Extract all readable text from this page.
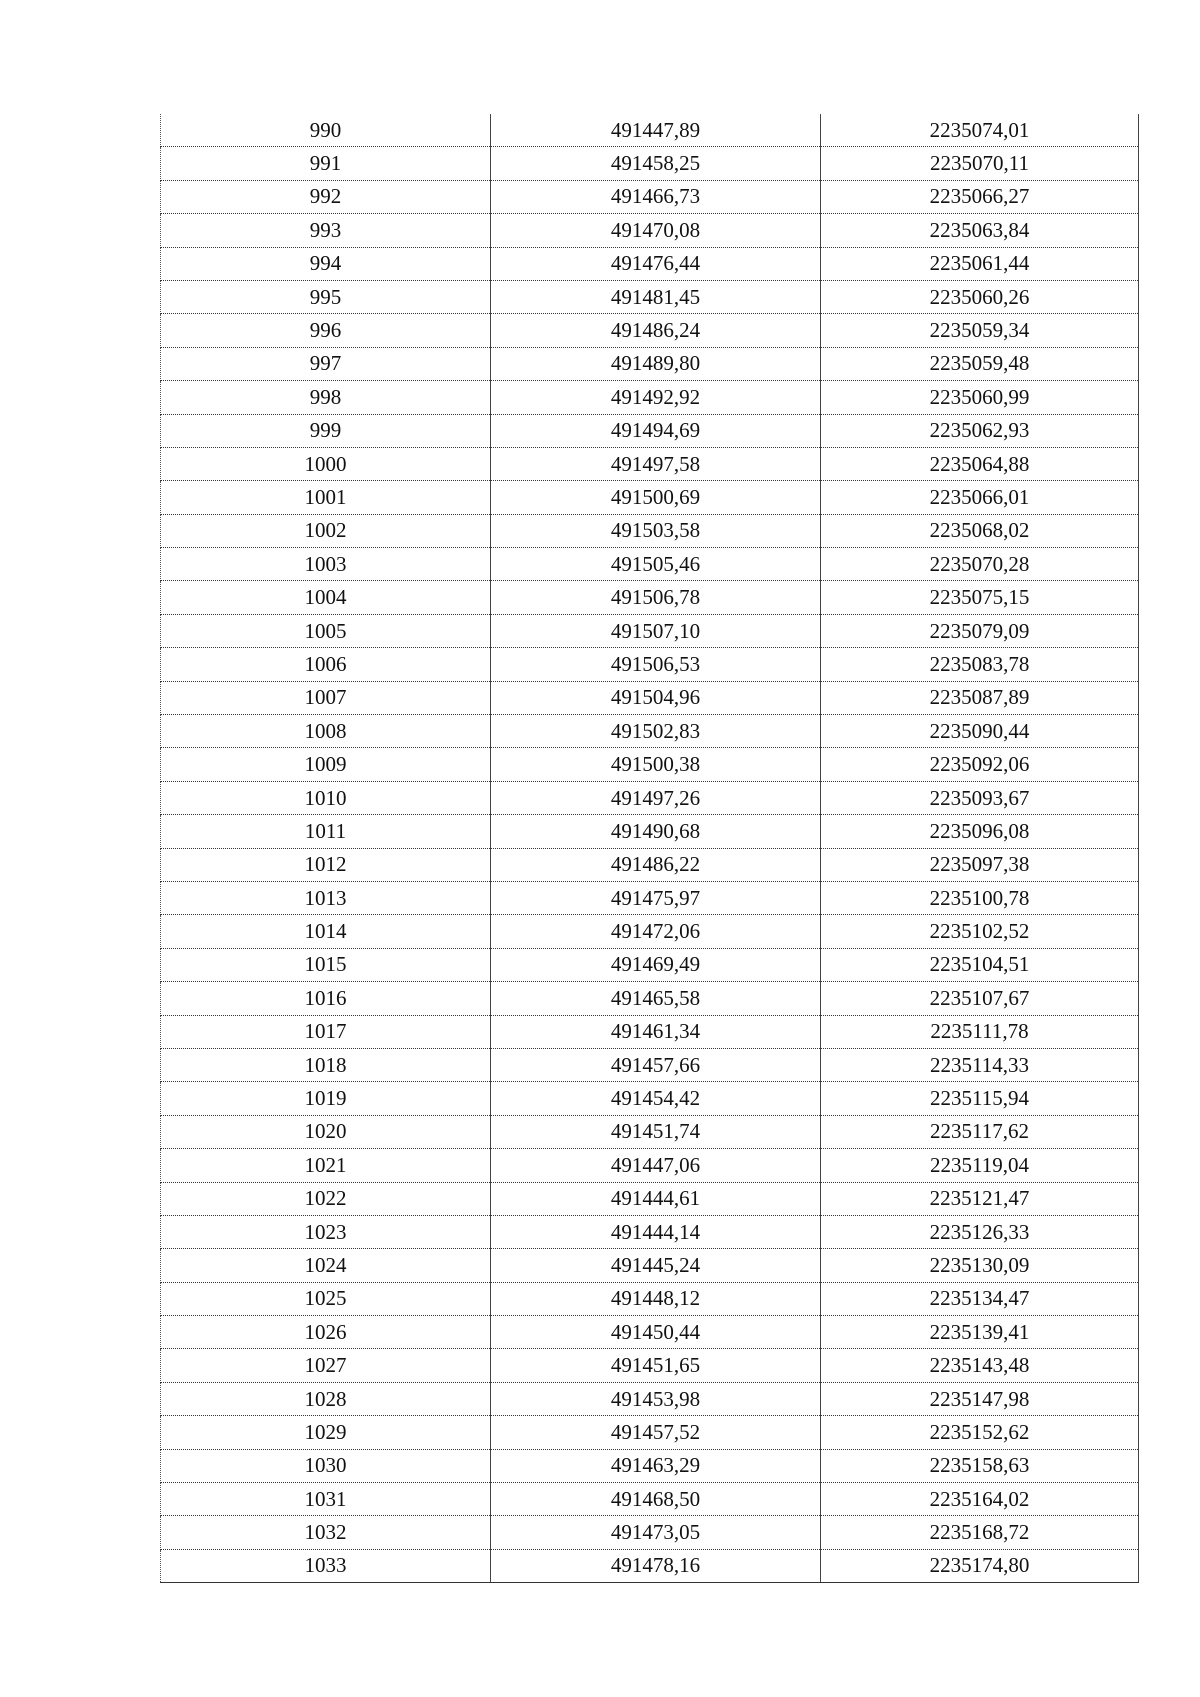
990	491447,89	2235074,01
991	491458,25	2235070,11
992	491466,73	2235066,27
993	491470,08	2235063,84
994	491476,44	2235061,44
995	491481,45	2235060,26
996	491486,24	2235059,34
997	491489,80	2235059,48
998	491492,92	2235060,99
999	491494,69	2235062,93
1000	491497,58	2235064,88
1001	491500,69	2235066,01
1002	491503,58	2235068,02
1003	491505,46	2235070,28
1004	491506,78	2235075,15
1005	491507,10	2235079,09
1006	491506,53	2235083,78
1007	491504,96	2235087,89
1008	491502,83	2235090,44
1009	491500,38	2235092,06
1010	491497,26	2235093,67
1011	491490,68	2235096,08
1012	491486,22	2235097,38
1013	491475,97	2235100,78
1014	491472,06	2235102,52
1015	491469,49	2235104,51
1016	491465,58	2235107,67
1017	491461,34	2235111,78
1018	491457,66	2235114,33
1019	491454,42	2235115,94
1020	491451,74	2235117,62
1021	491447,06	2235119,04
1022	491444,61	2235121,47
1023	491444,14	2235126,33
1024	491445,24	2235130,09
1025	491448,12	2235134,47
1026	491450,44	2235139,41
1027	491451,65	2235143,48
1028	491453,98	2235147,98
1029	491457,52	2235152,62
1030	491463,29	2235158,63
1031	491468,50	2235164,02
1032	491473,05	2235168,72
1033	491478,16	2235174,80
